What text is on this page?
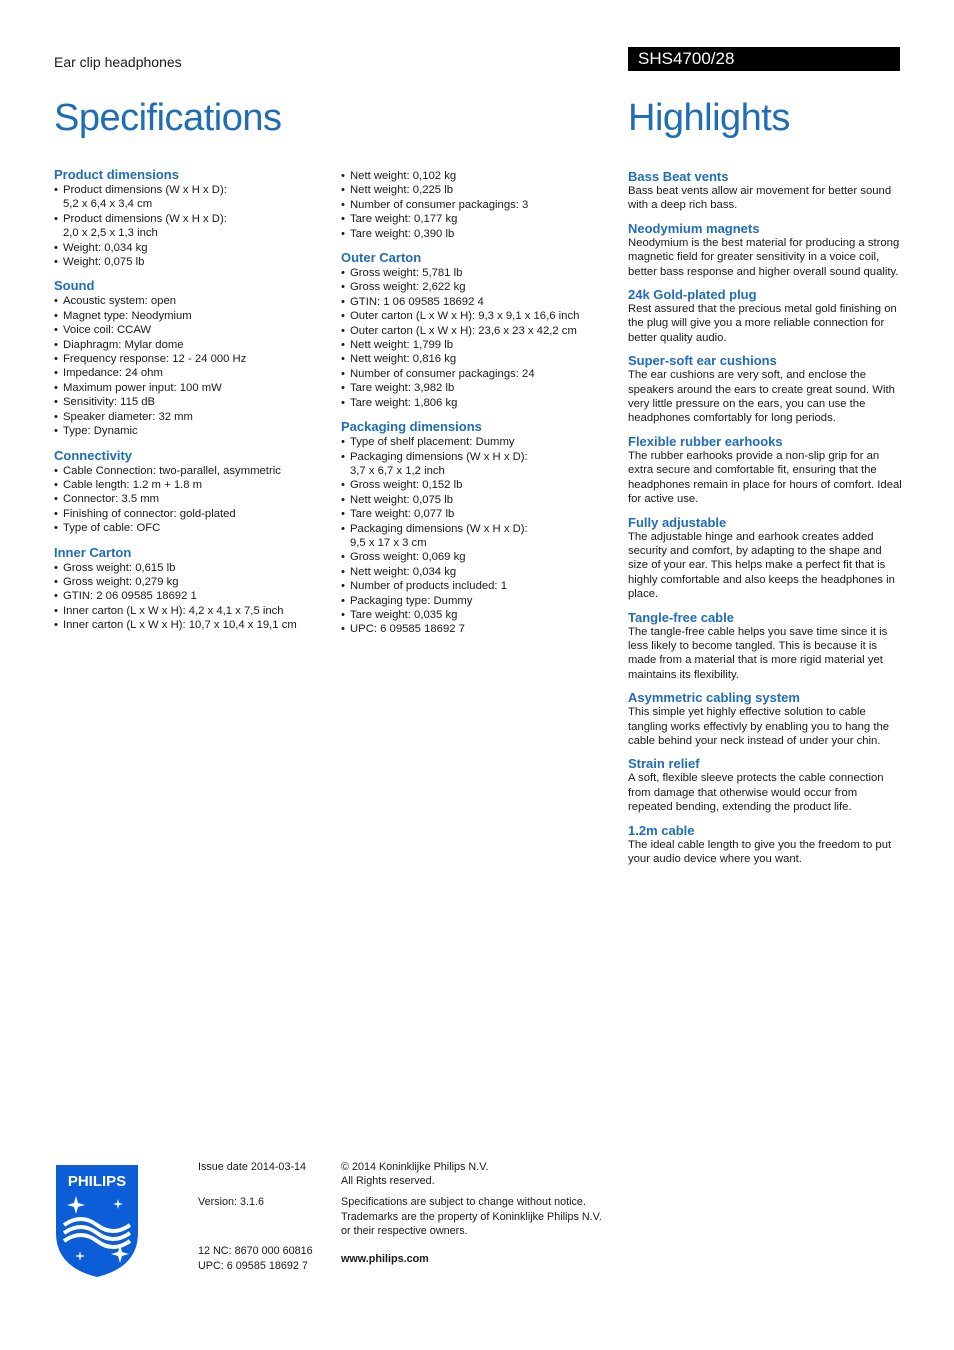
Ear clip headphones	SHS4700/28
Specifications	Highlights
Product dimensions
• Product dimensions (W x H x D):
5,2 x 6,4 x 3,4 cm
• Product dimensions (W x H x D):
2,0 x 2,5 x 1,3 inch
• Weight: 0,034 kg
• Weight: 0,075 lb
Sound
• Acoustic system: open
• Magnet type: Neodymium
• Voice coil: CCAW
• Diaphragm: Mylar dome
• Frequency response: 12 - 24 000 Hz
• Impedance: 24 ohm
• Maximum power input: 100 mW
• Sensitivity: 115 dB
• Speaker diameter: 32 mm
• Type: Dynamic
Connectivity
• Cable Connection: two-parallel, asymmetric
• Cable length: 1.2 m + 1.8 m
• Connector: 3.5 mm
• Finishing of connector: gold-plated
• Type of cable: OFC
Inner Carton
• Gross weight: 0,615 lb
• Gross weight: 0,279 kg
• GTIN: 2 06 09585 18692 1
• Inner carton (L x W x H): 4,2 x 4,1 x 7,5 inch
• Inner carton (L x W x H): 10,7 x 10,4 x 19,1 cm
• Nett weight: 0,102 kg
• Nett weight: 0,225 lb
• Number of consumer packagings: 3
• Tare weight: 0,177 kg
• Tare weight: 0,390 lb
Outer Carton
• Gross weight: 5,781 lb
• Gross weight: 2,622 kg
• GTIN: 1 06 09585 18692 4
• Outer carton (L x W x H): 9,3 x 9,1 x 16,6 inch
• Outer carton (L x W x H): 23,6 x 23 x 42,2 cm
• Nett weight: 1,799 lb
• Nett weight: 0,816 kg
• Number of consumer packagings: 24
• Tare weight: 3,982 lb
• Tare weight: 1,806 kg
Packaging dimensions
• Type of shelf placement: Dummy
• Packaging dimensions (W x H x D):
3,7 x 6,7 x 1,2 inch
• Gross weight: 0,152 lb
• Nett weight: 0,075 lb
• Tare weight: 0,077 lb
• Packaging dimensions (W x H x D):
9,5 x 17 x 3 cm
• Gross weight: 0,069 kg
• Nett weight: 0,034 kg
• Number of products included: 1
• Packaging type: Dummy
• Tare weight: 0,035 kg
• UPC: 6 09585 18692 7
Bass Beat vents

Bass beat vents allow air movement for better sound with a deep rich bass.

Neodymium magnets

Neodymium is the best material for producing a strong magnetic field for greater sensitivity in a voice coil, better bass response and higher overall sound quality.

24k Gold-plated plug

Rest assured that the precious metal gold finishing on the plug will give you a more reliable connection for better quality audio.

Super-soft ear cushions

The ear cushions are very soft, and enclose the speakers around the ears to create great sound. With very little pressure on the ears, you can use the headphones comfortably for long periods.

Flexible rubber earhooks

The rubber earhooks provide a non-slip grip for an extra secure and comfortable fit, ensuring that the headphones remain in place for hours of comfort. Ideal for active use.

Fully adjustable

The adjustable hinge and earhook creates added security and comfort, by adapting to the shape and size of your ear. This helps make a perfect fit that is highly comfortable and also keeps the headphones in place.

Tangle-free cable

The tangle-free cable helps you save time since it is less likely to become tangled. This is because it is made from a material that is more rigid material yet maintains its flexibility.

Asymmetric cabling system

This simple yet highly effective solution to cable tangling works effectivly by enabling you to hang the cable behind your neck instead of under your chin.

Strain relief

A soft, flexible sleeve protects the cable connection from damage that otherwise would occur from repeated bending, extending the product life.

1.2m cable

The ideal cable length to give you the freedom to put your audio device where you want.

PHILIPS
Issue date 2014-03-14
Version: 3.1.6
12 NC: 8670 000 60816
UPC: 6 09585 18692 7
© 2014 Koninklijke Philips N.V.
All Rights reserved.
Specifications are subject to change without notice.
Trademarks are the property of Koninklijke Philips N.V.
or their respective owners.
www.philips.com
